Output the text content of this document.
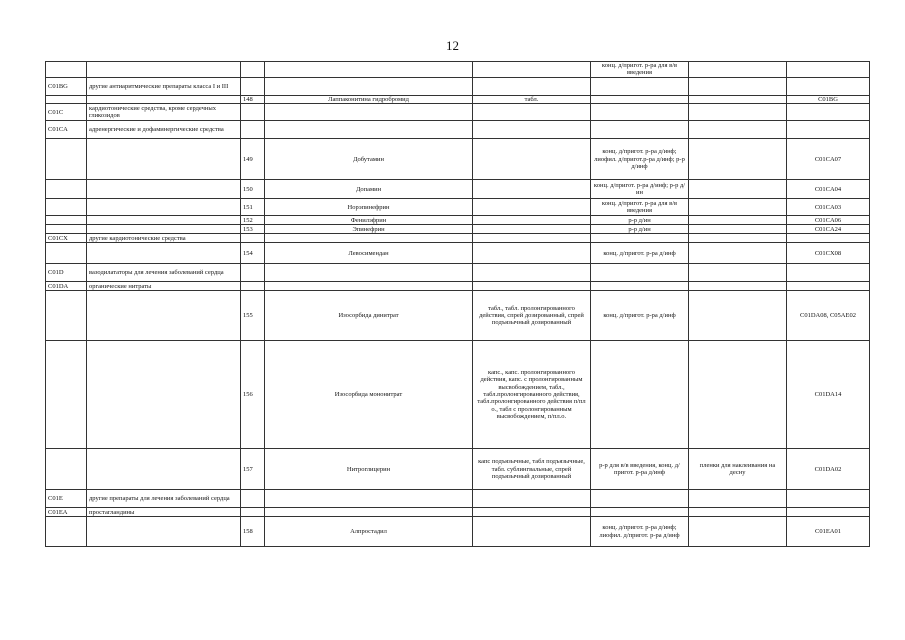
12
					конц. д/пригот. р-ра для в/в введения		
C01BG	другие антиаритмические препараты класса I и III						
		148	Лаппаконитина гидробромид	табл.			C01BG
C01C	кардиотонические средства, кроме сердечных гликозидов						
C01CA	адренергические и дофаминергические средства						
		149	Добутамин		конц. д/пригот. р-ра д/инф; лиофил. д/пригот.р-ра д/инф; р-р д/инф		C01CA07
		150	Допамин		конц. д/пригот. р-ра д/инф; р-р д/ин		C01CA04
		151	Норэпинефрин		конц. д/пригот. р-ра для в/в введения		C01CA03
		152	Фенилэфрин		р-р д/ин		C01CA06
		153	Эпинефрин		р-р д/ин		C01CA24
C01CX	другие кардиотонические средства						
		154	Левосимендан		конц. д/пригот. р-ра д/инф		C01CX08
C01D	вазодилататоры для лечения заболеваний сердца						
C01DA	органические нитраты						
		155	Изосорбида динитрат	табл., табл. пролонгированного действия, спрей дозированный, спрей подъязычный дозированный	конц. д/пригот. р-ра д/инф		C01DA08, C05AE02
		156	Изосорбида мононитрат	капс., капс. пролонгированного действия, капс. с пролонгированным высвобождением, табл., табл.пролонгированного действия, табл.пролонгированного действия п/пл о., табл с пролонгированным высвобождением, п/пл.о.			C01DA14
		157	Нитроглицерин	капс подъязычные, табл подъязычные, табл. сублингвальные, спрей подъязычный дозированный	р-р для в/в введения, конц. д/пригот. р-ра д/инф	пленки для наклеивания на десну	C01DA02
C01E	другие препараты для лечения заболеваний сердца						
C01EA	простагландины						
		158	Алпростадил		конц. д/пригот. р-ра д/инф; лиофил. д/пригот. р-ра д/инф		C01EA01
